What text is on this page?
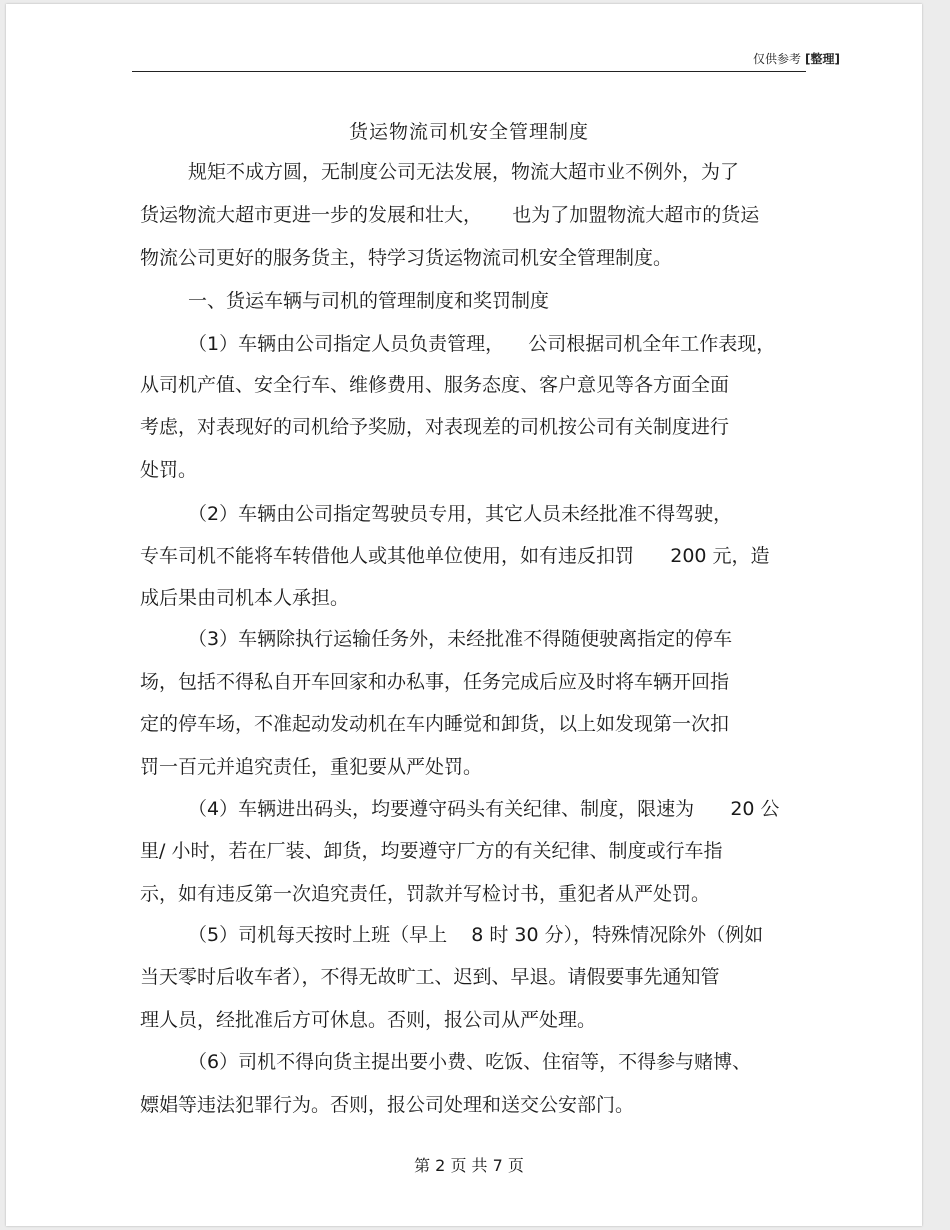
仅供参考 [整理]
货运物流司机安全管理制度
规矩不成方圆，无制度公司无法发展，物流大超市业不例外，为了
货运物流大超市更进一步的发展和壮大，     也为了加盟物流大超市的货运
物流公司更好的服务货主，特学习货运物流司机安全管理制度。
一、货运车辆与司机的管理制度和奖罚制度
（1）车辆由公司指定人员负责管理，    公司根据司机全年工作表现，
从司机产值、安全行车、维修费用、服务态度、客户意见等各方面全面
考虑，对表现好的司机给予奖励，对表现差的司机按公司有关制度进行
处罚。
（2）车辆由公司指定驾驶员专用，其它人员未经批准不得驾驶，
专车司机不能将车转借他人或其他单位使用，如有违反扣罚      200 元，造
成后果由司机本人承担。
（3）车辆除执行运输任务外，未经批准不得随便驶离指定的停车
场，包括不得私自开车回家和办私事，任务完成后应及时将车辆开回指
定的停车场，不准起动发动机在车内睡觉和卸货，以上如发现第一次扣
罚一百元并追究责任，重犯要从严处罚。
（4）车辆进出码头，均要遵守码头有关纪律、制度，限速为      20 公
里/ 小时，若在厂装、卸货，均要遵守厂方的有关纪律、制度或行车指
示，如有违反第一次追究责任，罚款并写检讨书，重犯者从严处罚。
（5）司机每天按时上班（早上    8 时 30 分），特殊情况除外（例如
当天零时后收车者），不得无故旷工、迟到、早退。请假要事先通知管
理人员，经批准后方可休息。否则，报公司从严处理。
（6）司机不得向货主提出要小费、吃饭、住宿等，不得参与赌博、
嫖娼等违法犯罪行为。否则，报公司处理和送交公安部门。
第 2 页 共 7 页
